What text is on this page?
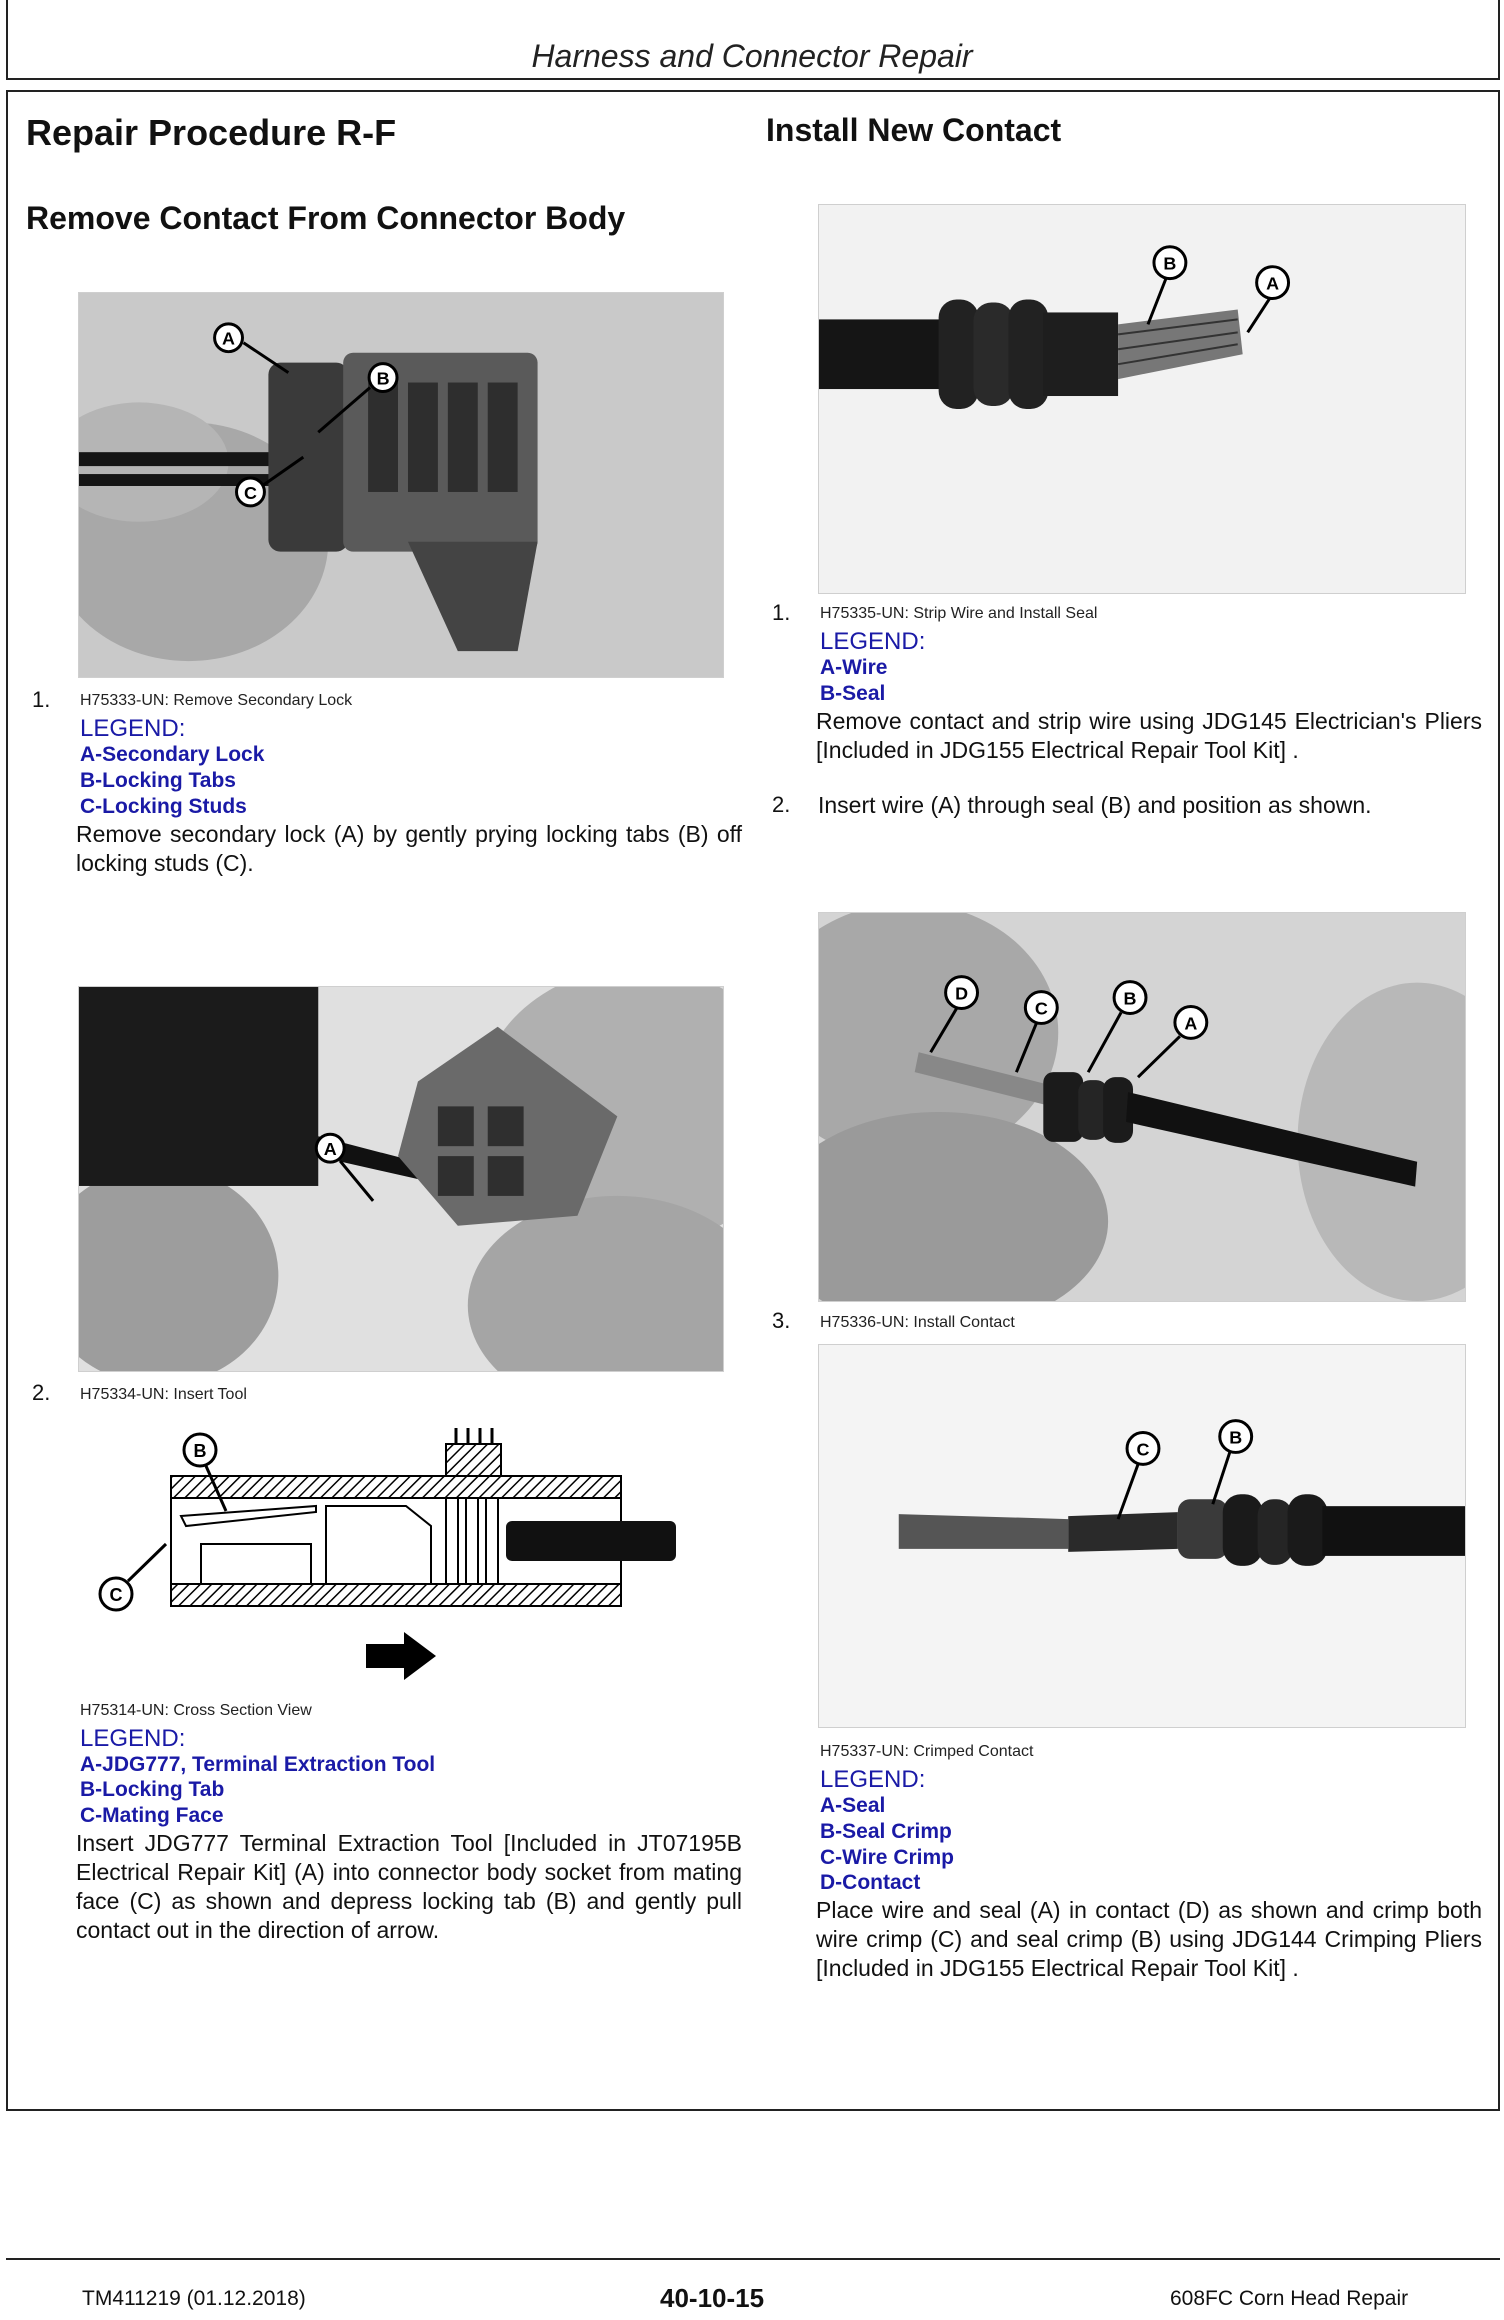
Harness and Connector Repair
Repair Procedure R-F
Remove Contact From Connector Body
A
B
C
1. H75333-UN: Remove Secondary Lock
LEGEND:
A-Secondary Lock
B-Locking Tabs
C-Locking Studs
Remove secondary lock (A) by gently prying locking tabs (B) off locking studs (C).
A
2. H75334-UN: Insert Tool
B
C
H75314-UN: Cross Section View
LEGEND:
A-JDG777, Terminal Extraction Tool
B-Locking Tab
C-Mating Face
Insert JDG777 Terminal Extraction Tool [Included in JT07195B Electrical Repair Kit] (A) into connector body socket from mating face (C) as shown and depress locking tab (B) and gently pull contact out in the direction of arrow.
Install New Contact
B
A
1. H75335-UN: Strip Wire and Install Seal
LEGEND:
A-Wire
B-Seal
Remove contact and strip wire using JDG145 Electrician's Pliers [Included in JDG155 Electrical Repair Tool Kit] .
2. Insert wire (A) through seal (B) and position as shown.
D
C	B
A
3. H75336-UN: Install Contact
C
B
H75337-UN: Crimped Contact
LEGEND:
A-Seal
B-Seal Crimp
C-Wire Crimp
D-Contact
Place wire and seal (A) in contact (D) as shown and crimp both wire crimp (C) and seal crimp (B) using JDG144 Crimping Pliers [Included in JDG155 Electrical Repair Tool Kit] .
TM411219 (01.12.2018)	40-10-15	608FC Corn Head Repair
